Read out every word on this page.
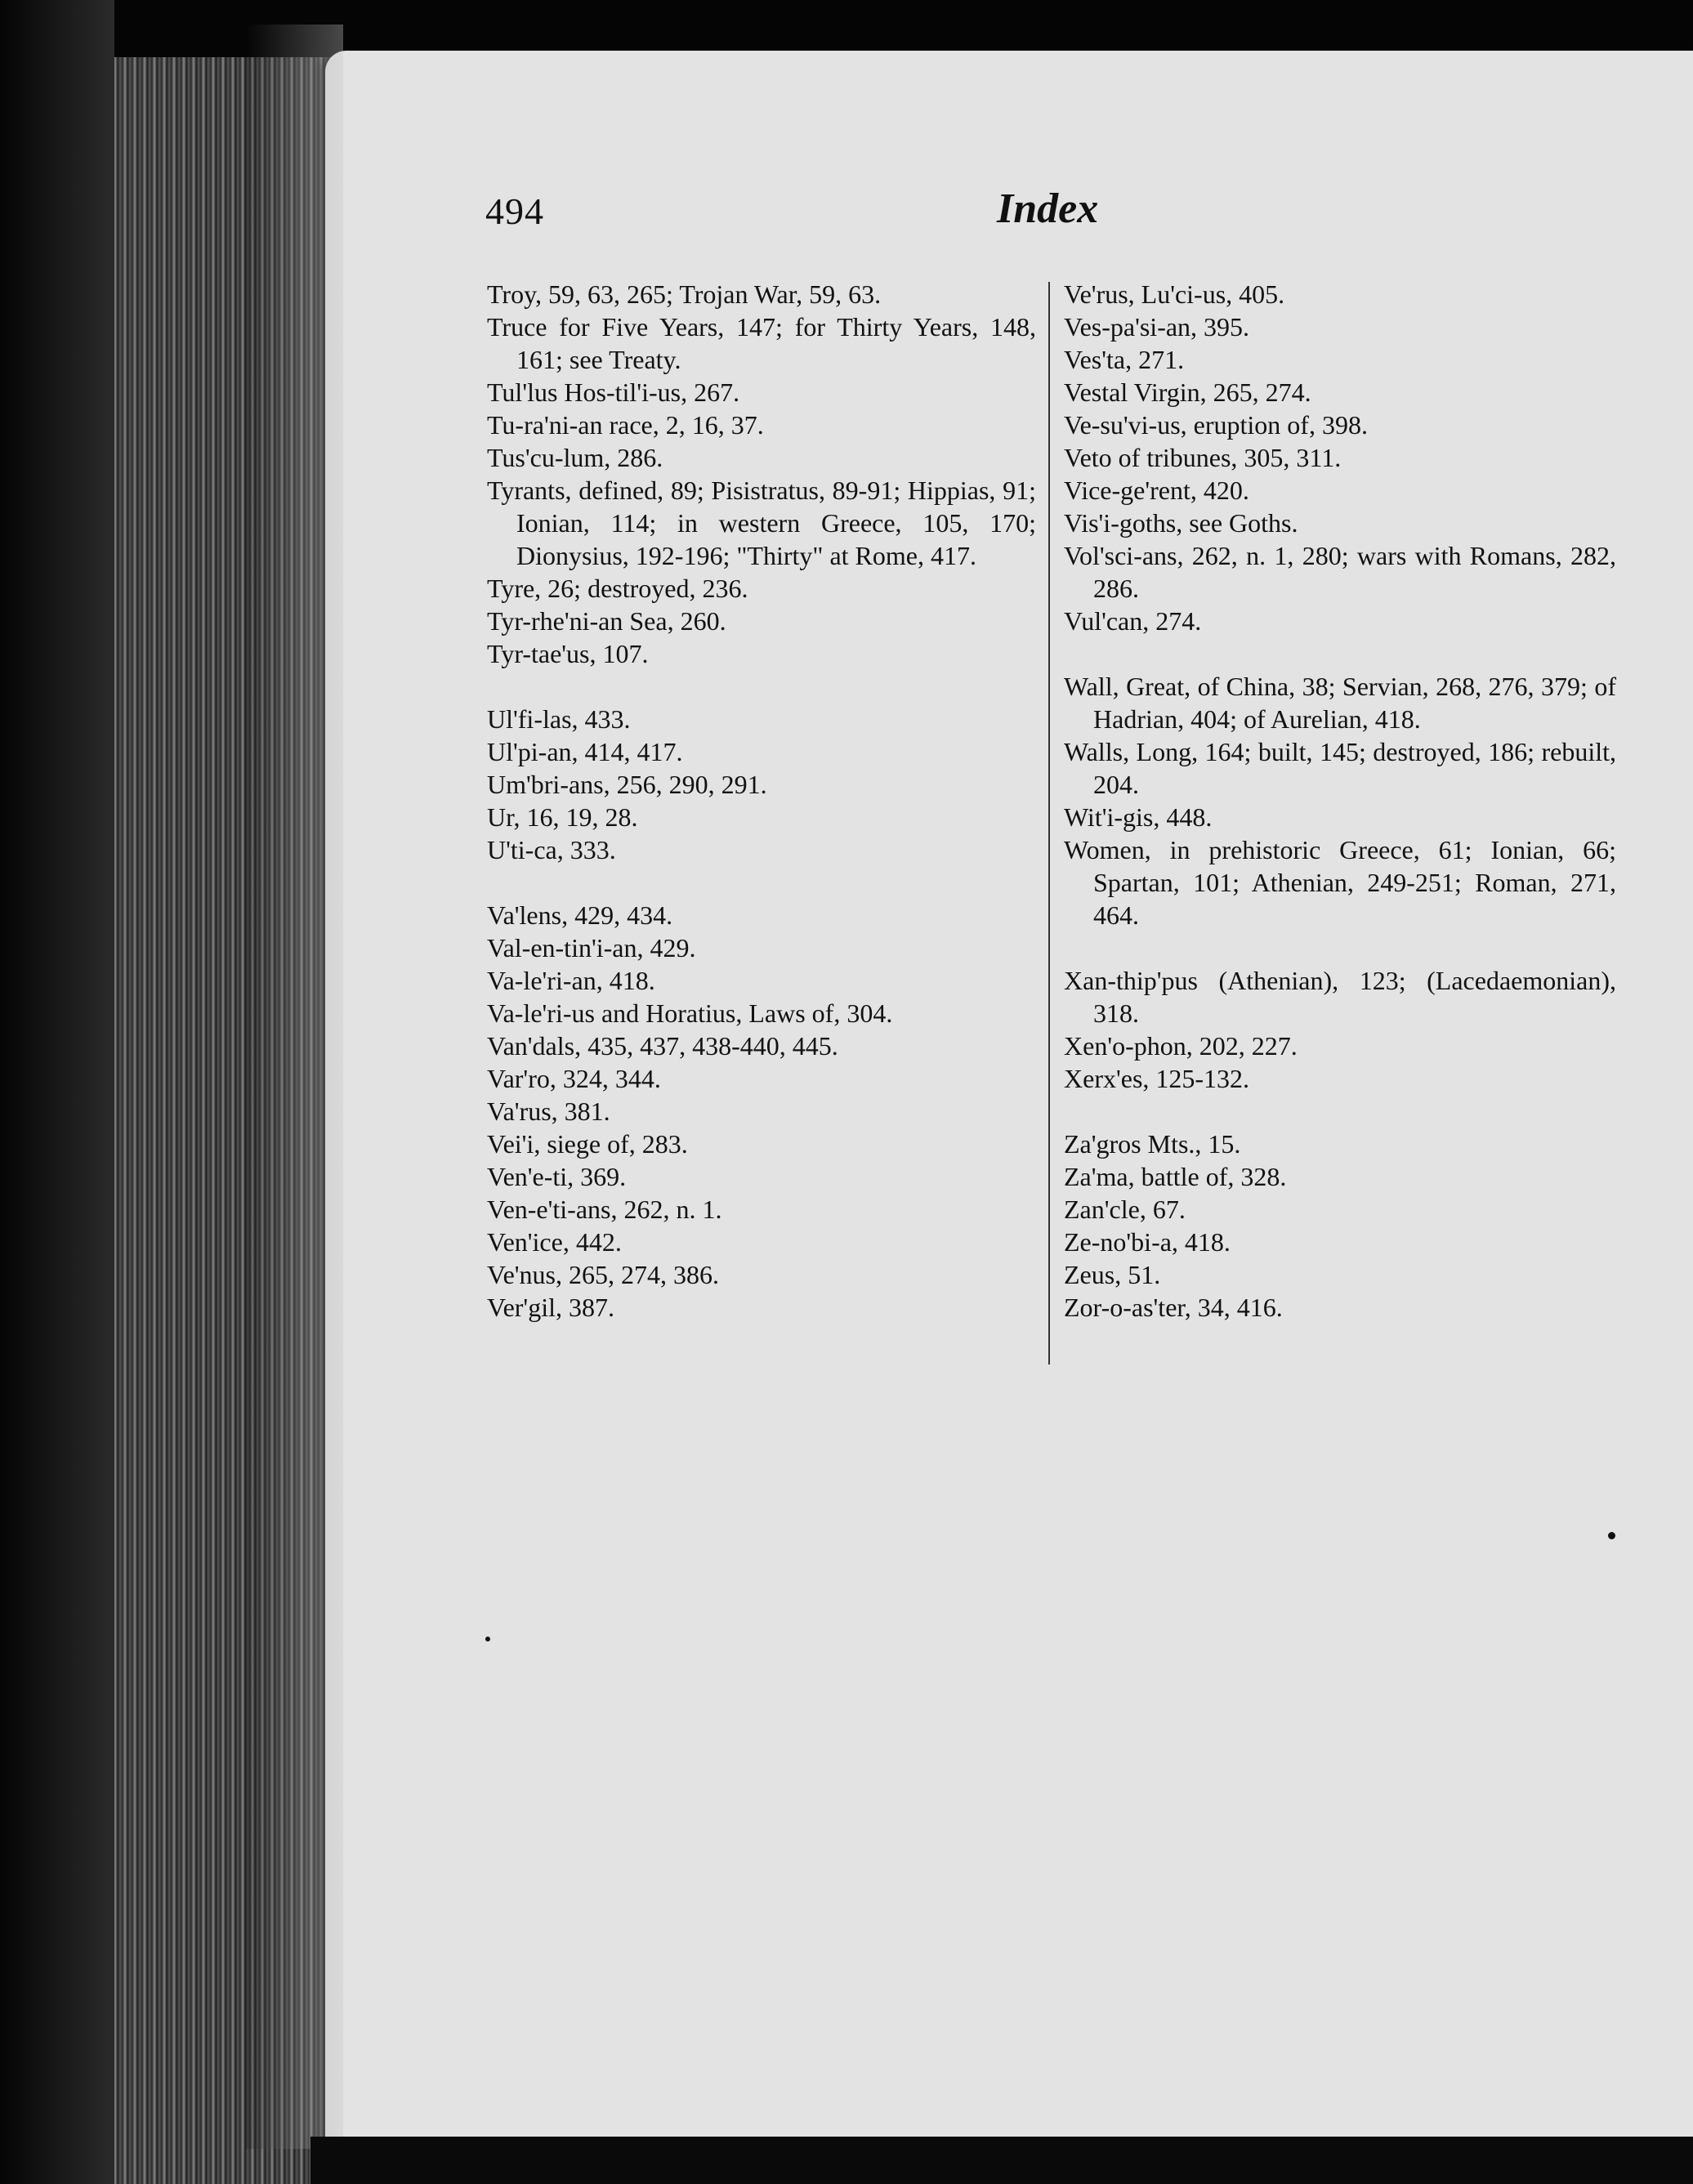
494	Index

Troy, 59, 63, 265; Trojan War, 59, 63.

Truce for Five Years, 147; for Thirty Years, 148, 161; see Treaty.

Tul'lus Hos-til'i-us, 267.

Tu-ra'ni-an race, 2, 16, 37.

Tus'cu-lum, 286.

Tyrants, defined, 89; Pisistratus, 89-91; Hippias, 91; Ionian, 114; in western Greece, 105, 170; Dionysius, 192-196; "Thirty" at Rome, 417.

Tyre, 26; destroyed, 236.

Tyr-rhe'ni-an Sea, 260.

Tyr-tae'us, 107.

Ul'fi-las, 433.

Ul'pi-an, 414, 417.

Um'bri-ans, 256, 290, 291.

Ur, 16, 19, 28.

U'ti-ca, 333.

Va'lens, 429, 434.

Val-en-tin'i-an, 429.

Va-le'ri-an, 418.

Va-le'ri-us and Horatius, Laws of, 304.

Van'dals, 435, 437, 438-440, 445.

Var'ro, 324, 344.

Va'rus, 381.

Vei'i, siege of, 283.

Ven'e-ti, 369.

Ven-e'ti-ans, 262, n. 1.

Ven'ice, 442.

Ve'nus, 265, 274, 386.

Ver'gil, 387.

Ve'rus, Lu'ci-us, 405.

Ves-pa'si-an, 395.

Ves'ta, 271.

Vestal Virgin, 265, 274.

Ve-su'vi-us, eruption of, 398.

Veto of tribunes, 305, 311.

Vice-ge'rent, 420.

Vis'i-goths, see Goths.

Vol'sci-ans, 262, n. 1, 280; wars with Romans, 282, 286.

Vul'can, 274.

Wall, Great, of China, 38; Servian, 268, 276, 379; of Hadrian, 404; of Aurelian, 418.

Walls, Long, 164; built, 145; destroyed, 186; rebuilt, 204.

Wit'i-gis, 448.

Women, in prehistoric Greece, 61; Ionian, 66; Spartan, 101; Athenian, 249-251; Roman, 271, 464.

Xan-thip'pus (Athenian), 123; (Lacedaemonian), 318.

Xen'o-phon, 202, 227.

Xerx'es, 125-132.

Za'gros Mts., 15.

Za'ma, battle of, 328.

Zan'cle, 67.

Ze-no'bi-a, 418.

Zeus, 51.

Zor-o-as'ter, 34, 416.
